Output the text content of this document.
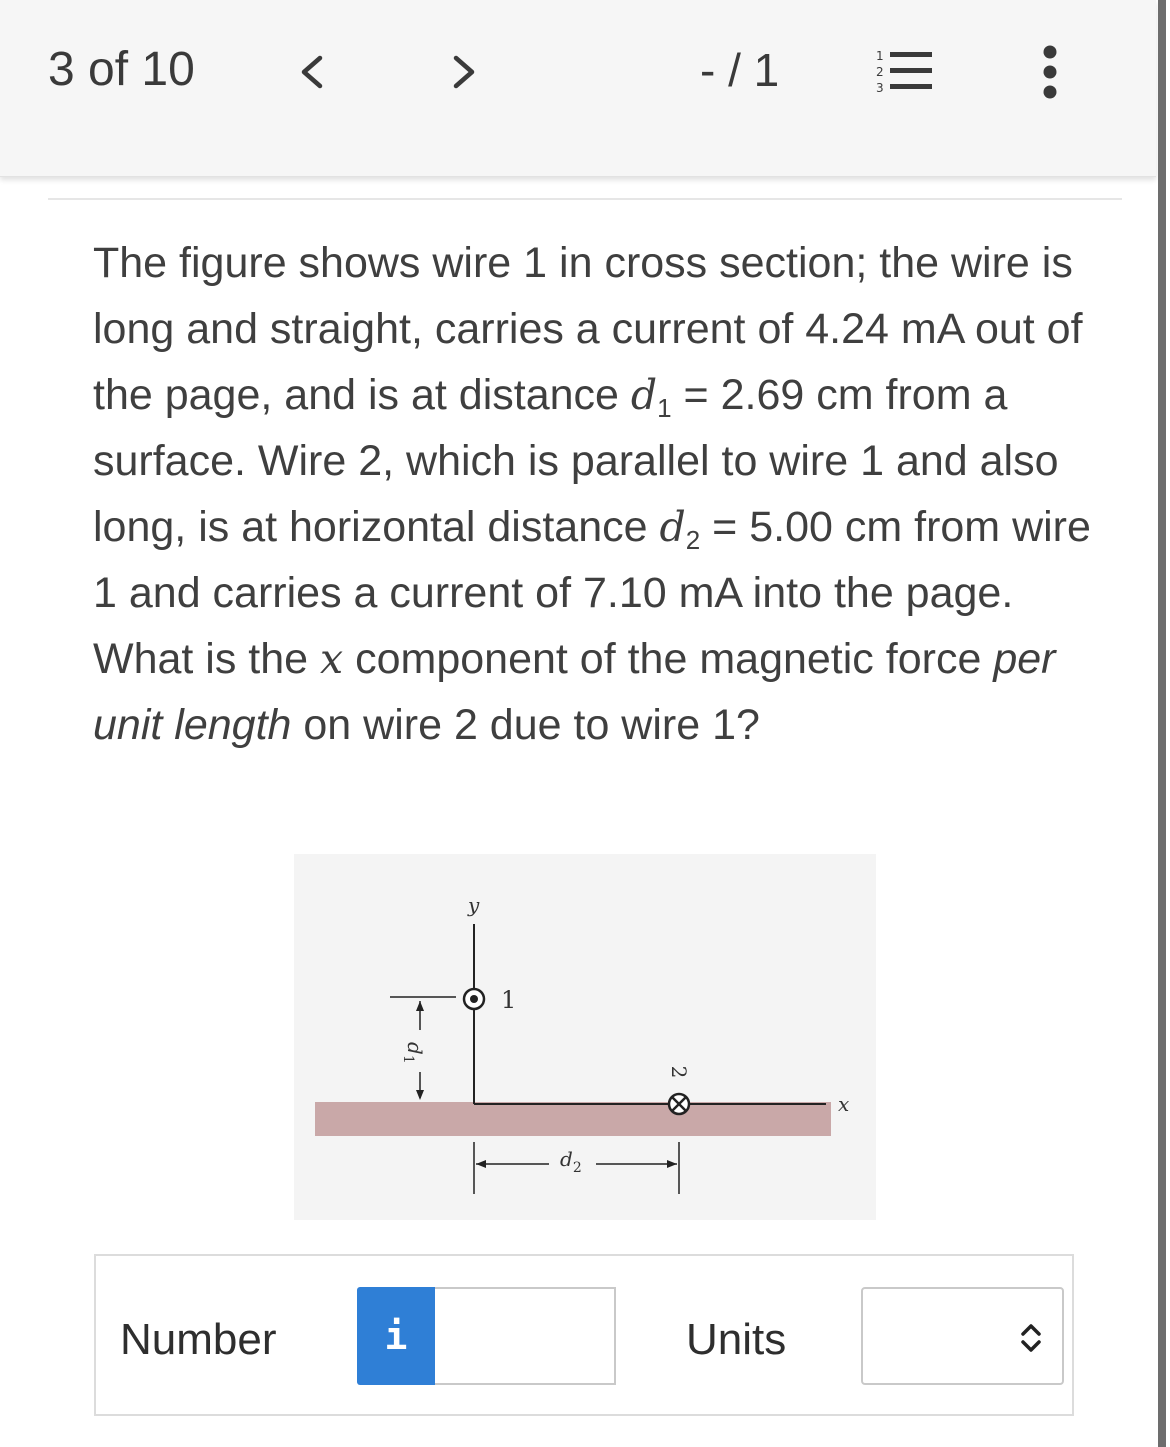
3 of 10	- / 1	1
2
3
The figure shows wire 1 in cross section; the wire is long and straight, carries a current of 4.24 mA out of the page, and is at distance $d_1 = 2.69$ cm from a surface. Wire 2, which is parallel to wire 1 and also long, is at horizontal distance $d_2 = 5.00$ cm from wire 1 and carries a current of 7.10 mA into the page. What is the x component of the magnetic force per unit length on wire 2 due to wire 1?
x
y
1
2
$d_1$
$d_2$
Number	i	Units
